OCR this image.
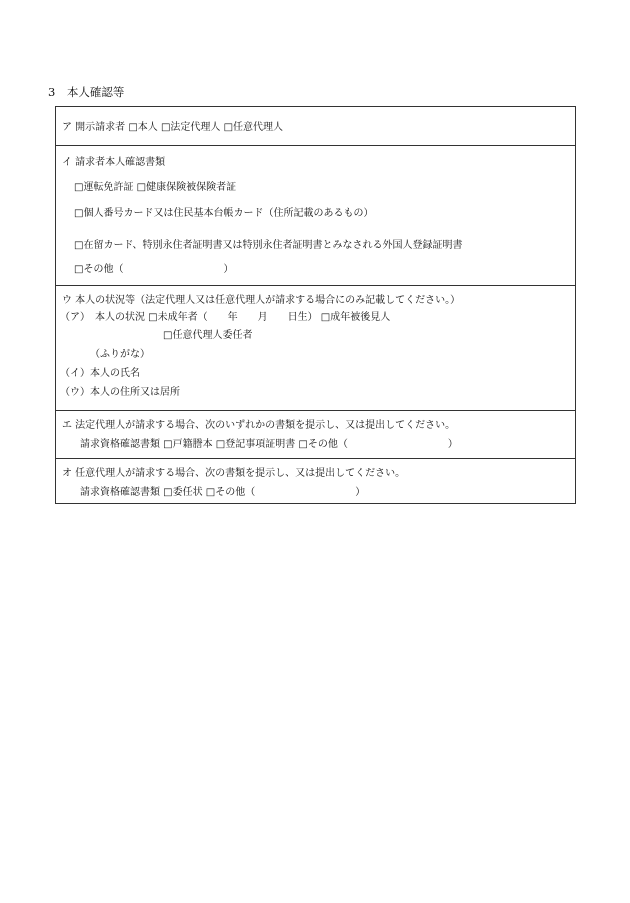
3　本人確認等
ア 開示請求者 □本人 □法定代理人 □任意代理人
イ 請求者本人確認書類
□運転免許証 □健康保険被保険者証
□個人番号カード又は住民基本台帳カード（住所記載のあるもの）
□在留カード、特別永住者証明書又は特別永住者証明書とみなされる外国人登録証明書
□その他（　　　　　　　　　　）
ウ 本人の状況等（法定代理人又は任意代理人が請求する場合にのみ記載してください。）
（ア）　本人の状況 □未成年者（　　年　　月　　日生） □成年被後見人
□任意代理人委任者
（ふりがな）
（イ）本人の氏名
（ウ）本人の住所又は居所
エ 法定代理人が請求する場合、次のいずれかの書類を提示し、又は提出してください。
請求資格確認書類 □戸籍謄本 □登記事項証明書 □その他（　　　　　　　　　　）
オ 任意代理人が請求する場合、次の書類を提示し、又は提出してください。
請求資格確認書類 □委任状 □その他（　　　　　　　　　　）
